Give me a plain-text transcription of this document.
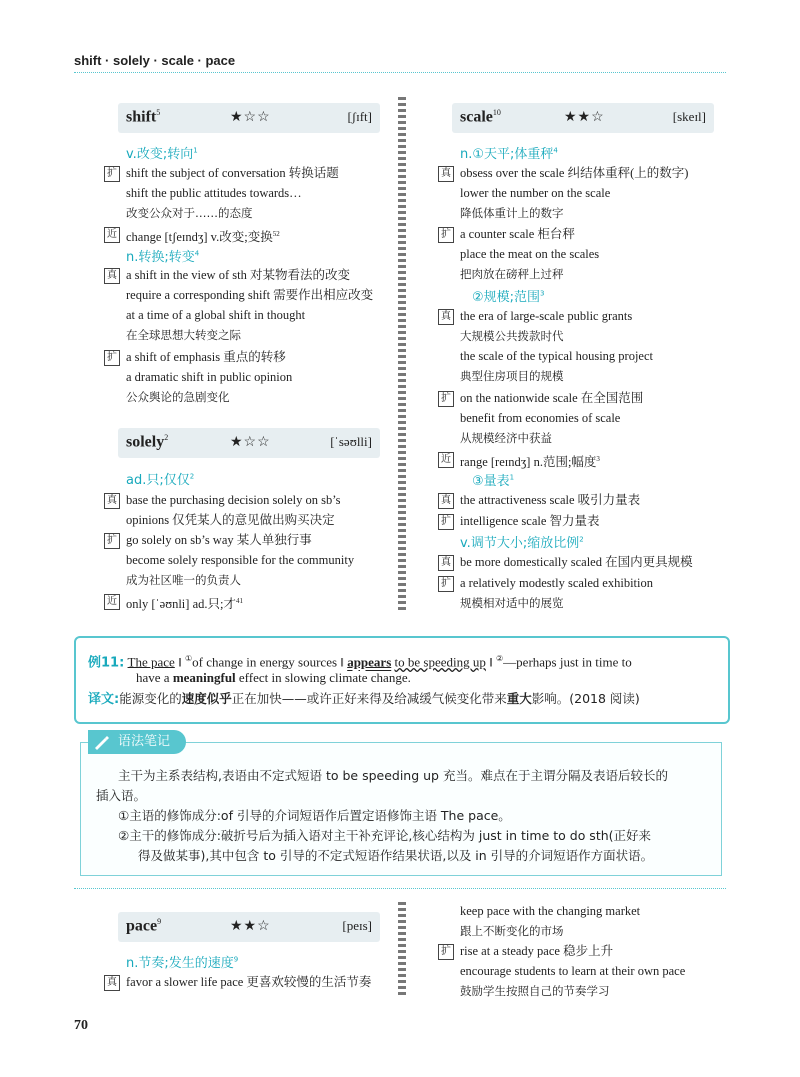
shift · solely · scale · pace
shift$^5$	★☆☆	[ʃɪft]
v.改变;转向$^1$
扩 shift the subject of conversation 转换话题
shift the public attitudes towards…
改变公众对于……的态度
近 change [tʃeɪndʒ] v.改变;变换$^{52}$
n.转换;转变$^4$
真 a shift in the view of sth 对某物看法的改变
require a corresponding shift 需要作出相应改变
at a time of a global shift in thought
在全球思想大转变之际
扩 a shift of emphasis 重点的转移
a dramatic shift in public opinion
公众舆论的急剧变化
solely$^2$	★☆☆	[ˈsəʊlli]
ad.只;仅仅$^2$
真 base the purchasing decision solely on sb’s
opinions 仅凭某人的意见做出购买决定
扩 go solely on sb’s way 某人单独行事
become solely responsible for the community
成为社区唯一的负责人
近 only [ˈəʊnli] ad.只;才$^{41}$
scale$^{10}$	★★☆	[skeɪl]
n.①天平;体重秤$^4$
真 obsess over the scale 纠结体重秤(上的数字)
lower the number on the scale
降低体重计上的数字
扩 a counter scale 柜台秤
place the meat on the scales
把肉放在磅秤上过秤
②规模;范围$^3$
真 the era of large-scale public grants
大规模公共拨款时代
the scale of the typical housing project
典型住房项目的规模
扩 on the nationwide scale 在全国范围
benefit from economies of scale
从规模经济中获益
近 range [reɪndʒ] n.范围;幅度$^3$
③量表$^1$
真 the attractiveness scale 吸引力量表
扩 intelligence scale 智力量表
v.调节大小;缩放比例$^2$
真 be more domestically scaled 在国内更具规模
扩 a relatively modestly scaled exhibition
规模相对适中的展览
例11: The pace ‖ ①of change in energy sources ‖ appears to be speeding up ‖ ②—perhaps just in time to
have a meaningful effect in slowing climate change.
译文:能源变化的速度似乎正在加快——或许正好来得及给减缓气候变化带来重大影响。(2018 阅读)
语法笔记
主干为主系表结构,表语由不定式短语 to be speeding up 充当。难点在于主谓分隔及表语后较长的
插入语。
①主语的修饰成分:of 引导的介词短语作后置定语修饰主语 The pace。
②主干的修饰成分:破折号后为插入语对主干补充评论,核心结构为 just in time to do sth(正好来
得及做某事),其中包含 to 引导的不定式短语作结果状语,以及 in 引导的介词短语作方面状语。
pace$^9$	★★☆	[peɪs]
n.节奏;发生的速度$^9$
真 favor a slower life pace 更喜欢较慢的生活节奏
keep pace with the changing market
跟上不断变化的市场
扩 rise at a steady pace 稳步上升
encourage students to learn at their own pace
鼓励学生按照自己的节奏学习
70
